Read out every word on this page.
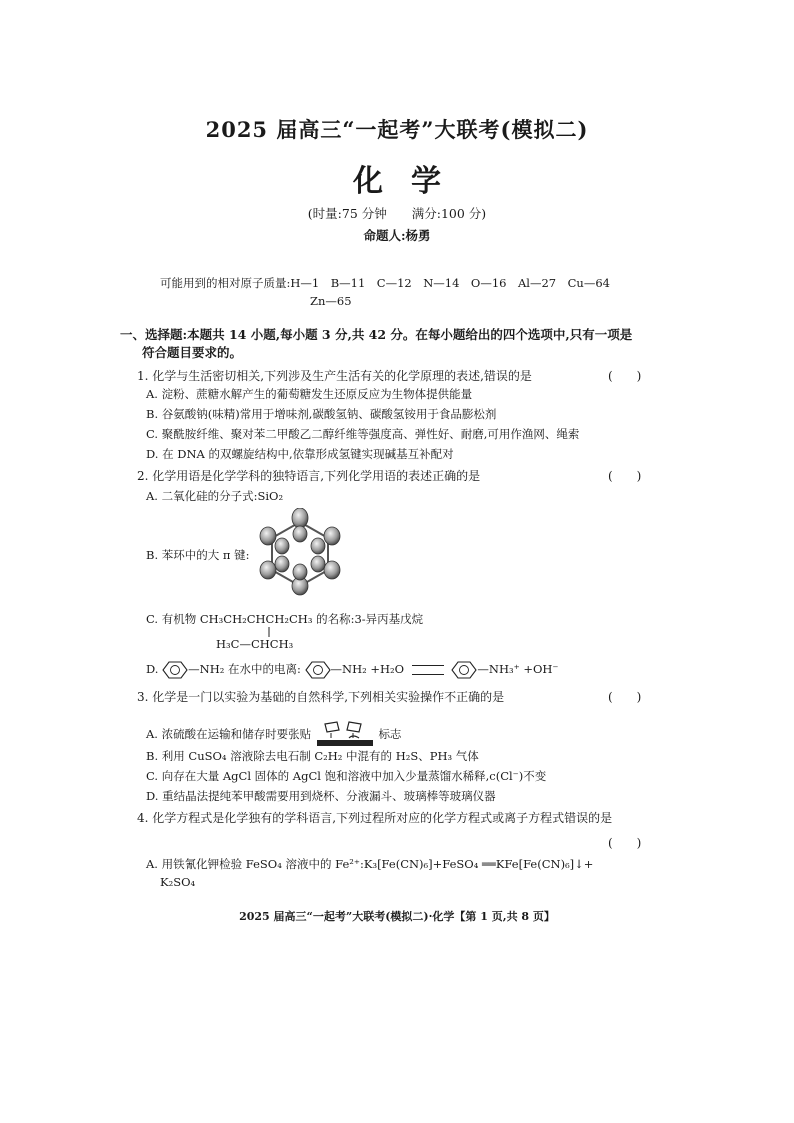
2025 届高三“一起考”大联考(模拟二)
化学
(时量:75 分钟　　满分:100 分)
命题人:杨勇
可能用到的相对原子质量:H—1　B—11　C—12　N—14　O—16　Al—27　Cu—64
Zn—65
一、选择题:本题共 14 小题,每小题 3 分,共 42 分。在每小题给出的四个选项中,只有一项是
符合题目要求的。
1. 化学与生活密切相关,下列涉及生产生活有关的化学原理的表述,错误的是	(　　)
A. 淀粉、蔗糖水解产生的葡萄糖发生还原反应为生物体提供能量
B. 谷氨酸钠(味精)常用于增味剂,碳酸氢钠、碳酸氢铵用于食品膨松剂
C. 聚酰胺纤维、聚对苯二甲酸乙二醇纤维等强度高、弹性好、耐磨,可用作渔网、绳索
D. 在 DNA 的双螺旋结构中,依靠形成氢键实现碱基互补配对
2. 化学用语是化学学科的独特语言,下列化学用语的表述正确的是	(　　)
A. 二氧化硅的分子式:SiO₂
B. 苯环中的大 π 键:
C. 有机物 CH₃CH₂CHCH₂CH₃ 的名称:3-异丙基戊烷
H₃C—CHCH₃
D.	—NH₂ 在水中的电离:	—NH₂ +H₂O	—NH₃⁺ +OH⁻
3. 化学是一门以实验为基础的自然科学,下列相关实验操作不正确的是	(　　)
A. 浓硫酸在运输和储存时要张贴	标志
B. 利用 CuSO₄ 溶液除去电石制 C₂H₂ 中混有的 H₂S、PH₃ 气体
C. 向存在大量 AgCl 固体的 AgCl 饱和溶液中加入少量蒸馏水稀释,c(Cl⁻)不变
D. 重结晶法提纯苯甲酸需要用到烧杯、分液漏斗、玻璃棒等玻璃仪器
4. 化学方程式是化学独有的学科语言,下列过程所对应的化学方程式或离子方程式错误的是
(　　)
A. 用铁氰化钾检验 FeSO₄ 溶液中的 Fe²⁺:K₃[Fe(CN)₆]+FeSO₄ ══KFe[Fe(CN)₆]↓+
K₂SO₄
2025 届高三“一起考”大联考(模拟二)·化学【第 1 页,共 8 页】
